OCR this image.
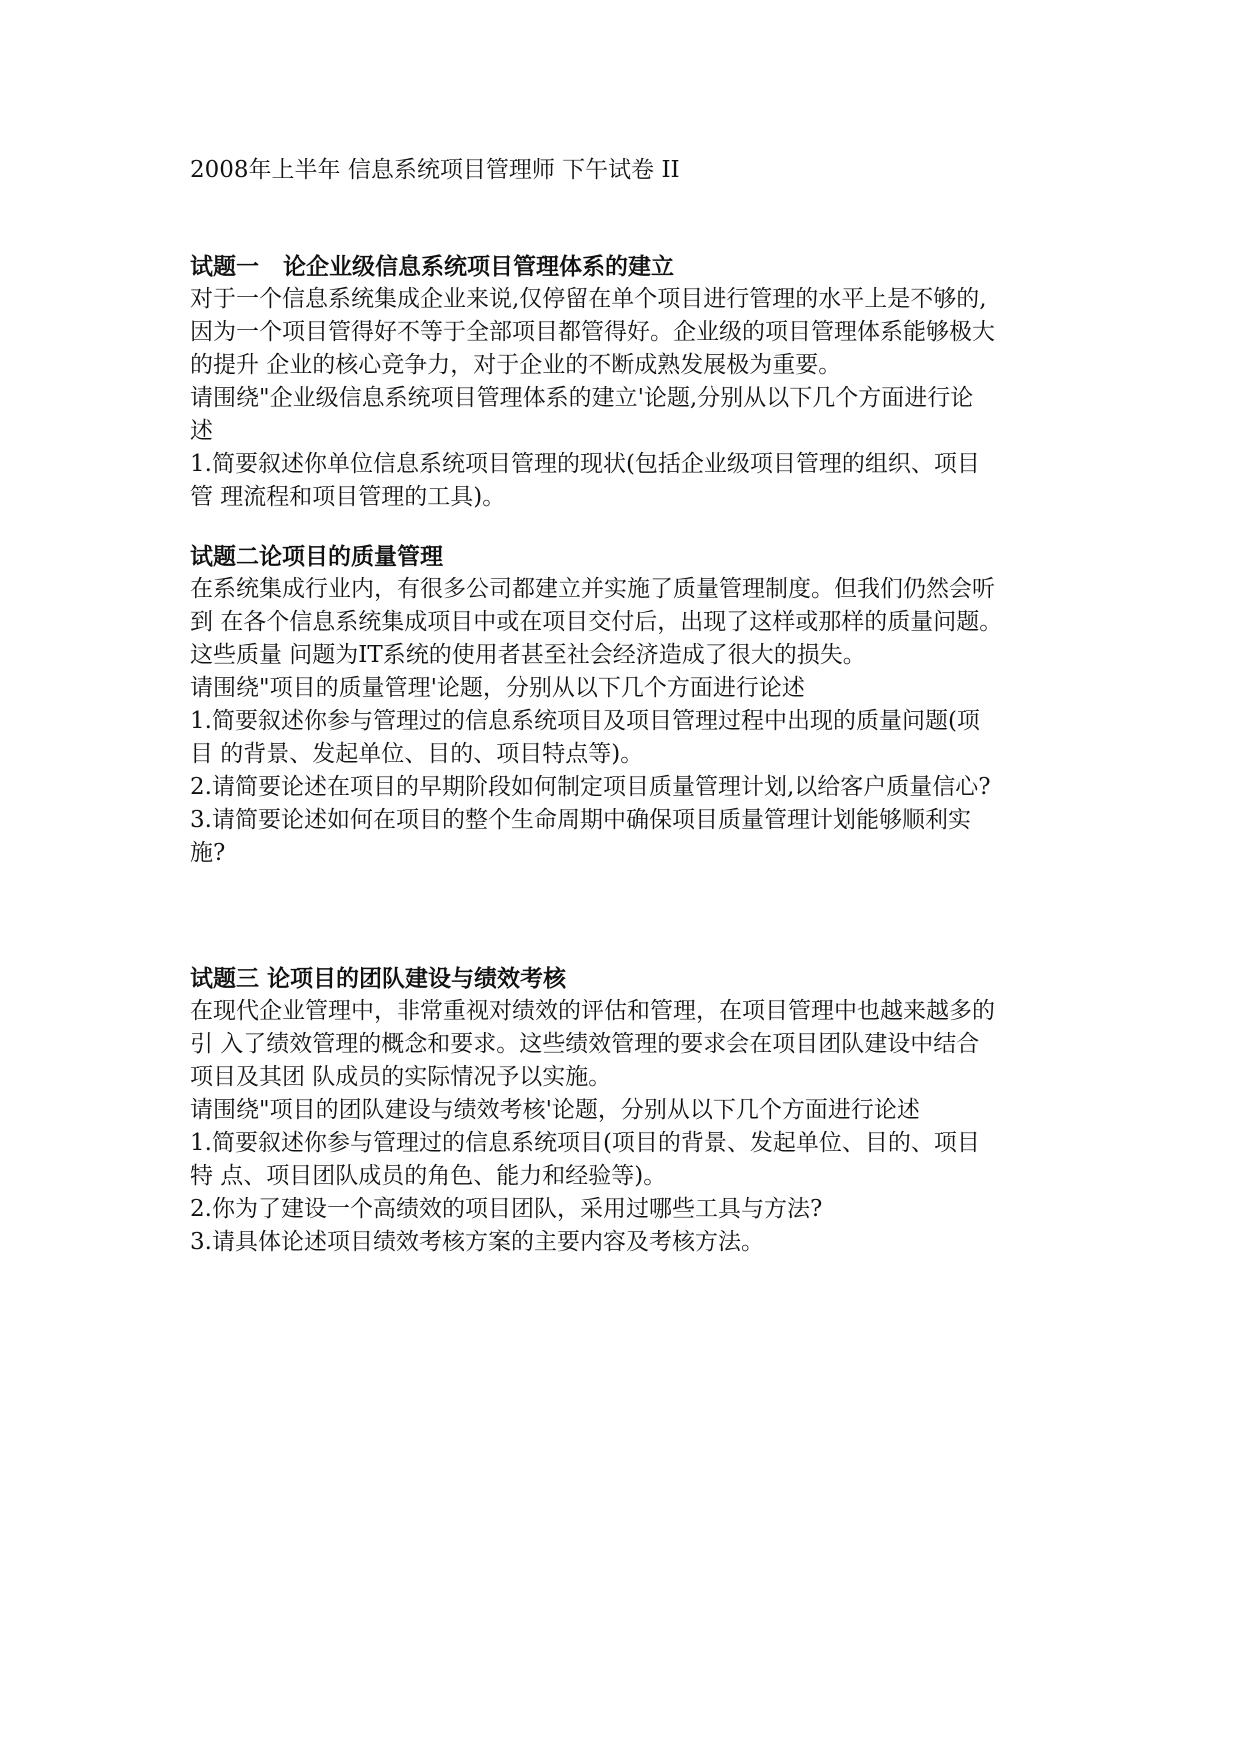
2008年上半年 信息系统项目管理师 下午试卷 II
试题一   论企业级信息系统项目管理体系的建立
对于一个信息系统集成企业来说,仅停留在单个项目进行管理的水平上是不够的,
因为一个项目管得好不等于全部项目都管得好。企业级的项目管理体系能够极大
的提升 企业的核心竞争力，对于企业的不断成熟发展极为重要。
请围绕"企业级信息系统项目管理体系的建立'论题,分别从以下几个方面进行论
述
1.简要叙述你单位信息系统项目管理的现状(包括企业级项目管理的组织、项目
管 理流程和项目管理的工具)。
试题二论项目的质量管理
在系统集成行业内，有很多公司都建立并实施了质量管理制度。但我们仍然会听
到 在各个信息系统集成项目中或在项目交付后，出现了这样或那样的质量问题。
这些质量 问题为IT系统的使用者甚至社会经济造成了很大的损失。
请围绕"项目的质量管理'论题，分别从以下几个方面进行论述
1.简要叙述你参与管理过的信息系统项目及项目管理过程中出现的质量问题(项
目 的背景、发起单位、目的、项目特点等)。
2.请简要论述在项目的早期阶段如何制定项目质量管理计划,以给客户质量信心?
3.请简要论述如何在项目的整个生命周期中确保项目质量管理计划能够顺利实
施?
试题三 论项目的团队建设与绩效考核
在现代企业管理中，非常重视对绩效的评估和管理，在项目管理中也越来越多的
引 入了绩效管理的概念和要求。这些绩效管理的要求会在项目团队建设中结合
项目及其团 队成员的实际情况予以实施。
请围绕"项目的团队建设与绩效考核'论题，分别从以下几个方面进行论述
1.简要叙述你参与管理过的信息系统项目(项目的背景、发起单位、目的、项目
特 点、项目团队成员的角色、能力和经验等)。
2.你为了建设一个高绩效的项目团队，采用过哪些工具与方法?
3.请具体论述项目绩效考核方案的主要内容及考核方法。
